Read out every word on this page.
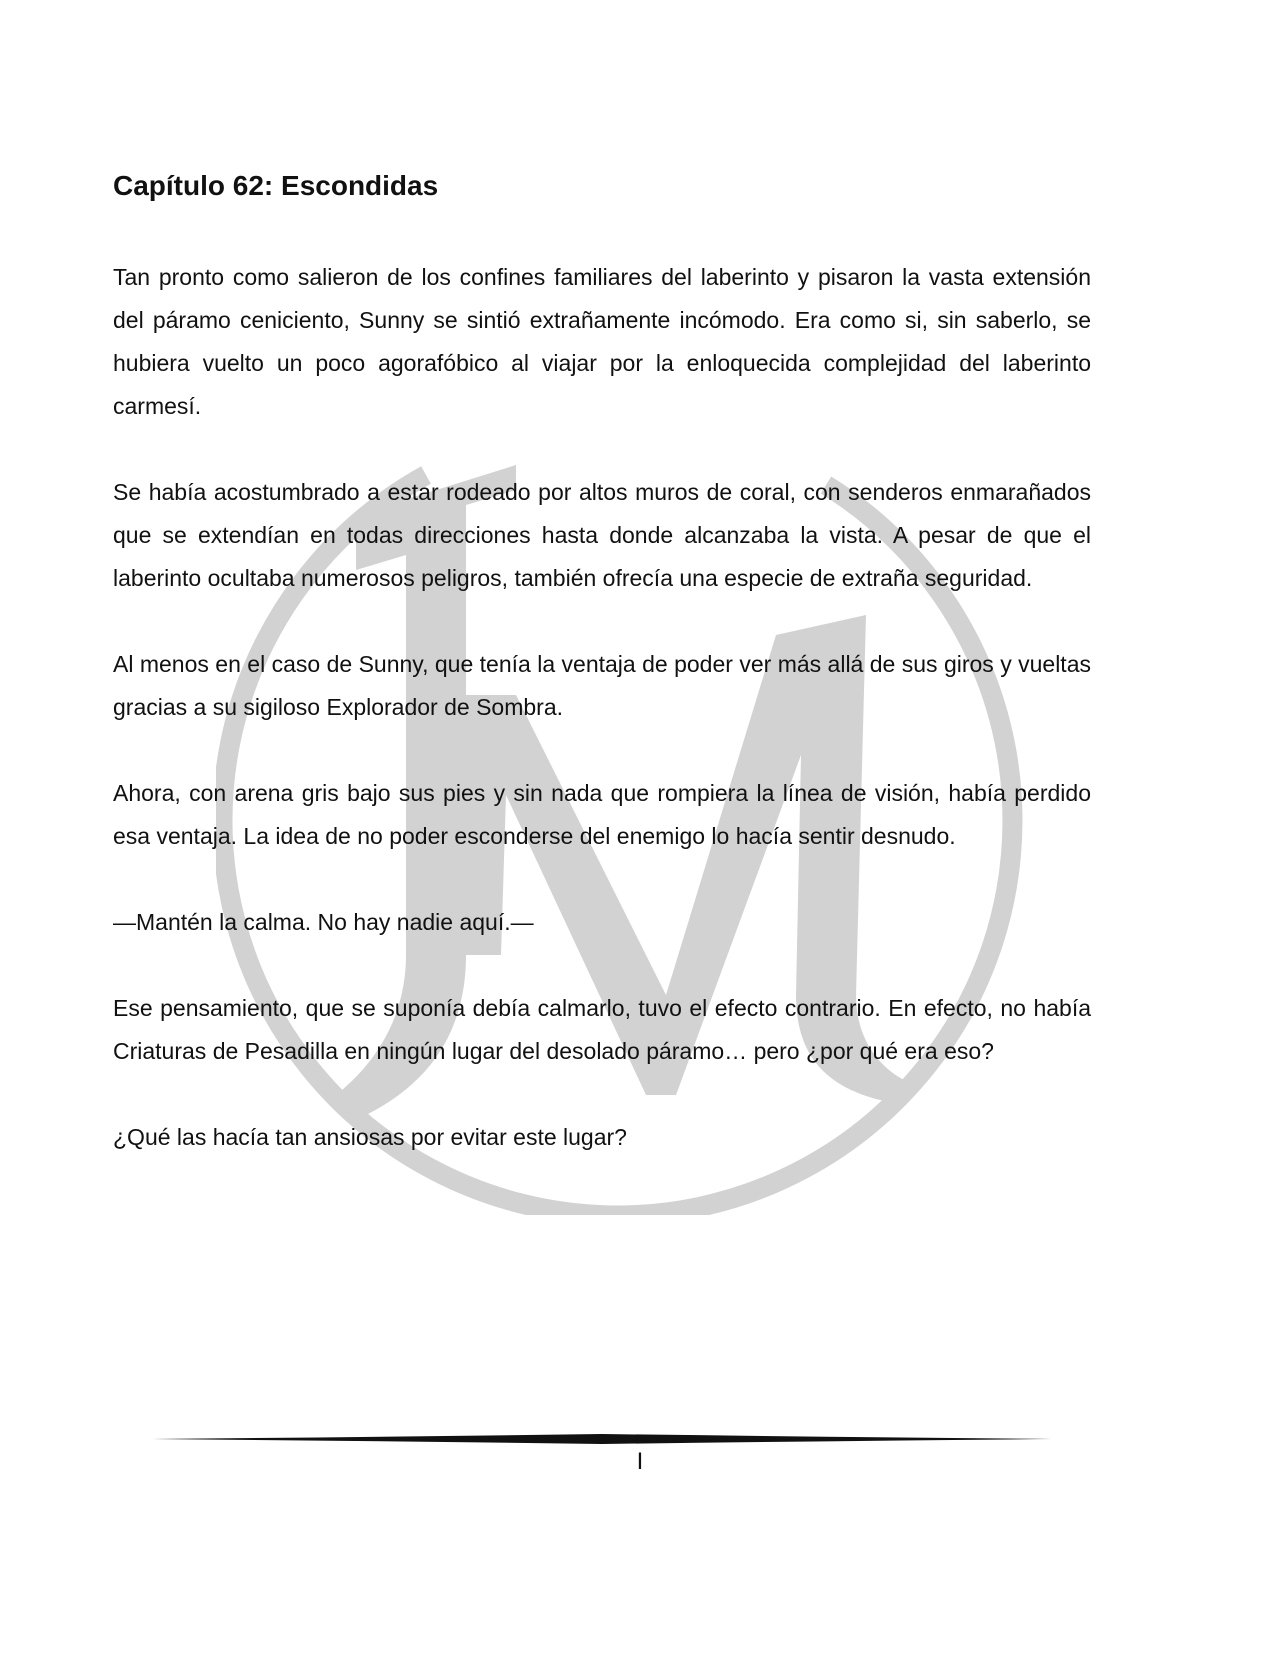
Capítulo 62: Escondidas

Tan pronto como salieron de los confines familiares del laberinto y pisaron la vasta extensión del páramo ceniciento, Sunny se sintió extrañamente incómodo. Era como si, sin saberlo, se hubiera vuelto un poco agorafóbico al viajar por la enloquecida complejidad del laberinto carmesí.

Se había acostumbrado a estar rodeado por altos muros de coral, con senderos enmarañados que se extendían en todas direcciones hasta donde alcanzaba la vista. A pesar de que el laberinto ocultaba numerosos peligros, también ofrecía una especie de extraña seguridad.

Al menos en el caso de Sunny, que tenía la ventaja de poder ver más allá de sus giros y vueltas gracias a su sigiloso Explorador de Sombra.

Ahora, con arena gris bajo sus pies y sin nada que rompiera la línea de visión, había perdido esa ventaja. La idea de no poder esconderse del enemigo lo hacía sentir desnudo.

—Mantén la calma. No hay nadie aquí.—

Ese pensamiento, que se suponía debía calmarlo, tuvo el efecto contrario. En efecto, no había Criaturas de Pesadilla en ningún lugar del desolado páramo… pero ¿por qué era eso?

¿Qué las hacía tan ansiosas por evitar este lugar?

I
